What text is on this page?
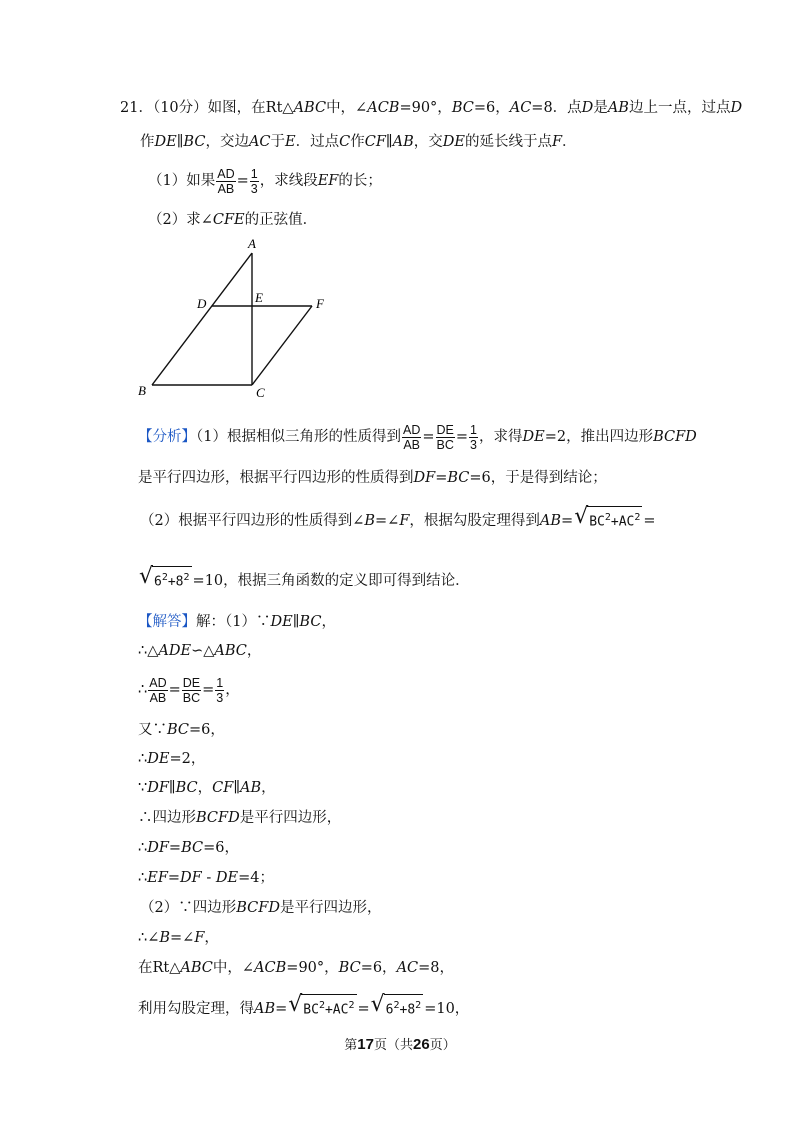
21．（10分）如图，在Rt△ABC中，∠ACB=90°，BC=6，AC=8．点D是AB边上一点，过点D
作DE∥BC，交边AC于E．过点C作CF∥AB，交DE的延长线于点F．
（1）如果 $\frac{AD}{AB} = \frac{1}{3}$ ，求线段EF的长；
（2）求∠CFE的正弦值．
A
B	C
D	E	F
【分析】（1）根据相似三角形的性质得到 $\frac{AD}{AB} = \frac{DE}{BC} = \frac{1}{3}$ ，求得DE=2，推出四边形BCFD
是平行四边形，根据平行四边形的性质得到DF=BC=6，于是得到结论；
（2）根据平行四边形的性质得到∠B=∠F，根据勾股定理得到AB= √ $BC^2+AC^2$ =
√ $6^2+8^2 =10$，根据三角函数的定义即可得到结论．
【解答】解：（1）∵DE∥BC，
∴△ADE∽△ABC，
∴ $\frac{AD}{AB} = \frac{DE}{BC} = \frac{1}{3}$ ，
又∵BC=6，
∴DE=2，
∵DF∥BC，CF∥AB，
∴四边形BCFD是平行四边形，
∴DF=BC=6，
∴EF=DF - DE=4；
（2）∵四边形BCFD是平行四边形，
∴∠B=∠F，
在Rt△ABC中，∠ACB=90°，BC=6，AC=8，
利用勾股定理，得AB= √ $BC^2+AC^2$ = √ $6^2+8^2 =10$，
第17页（共26页）
